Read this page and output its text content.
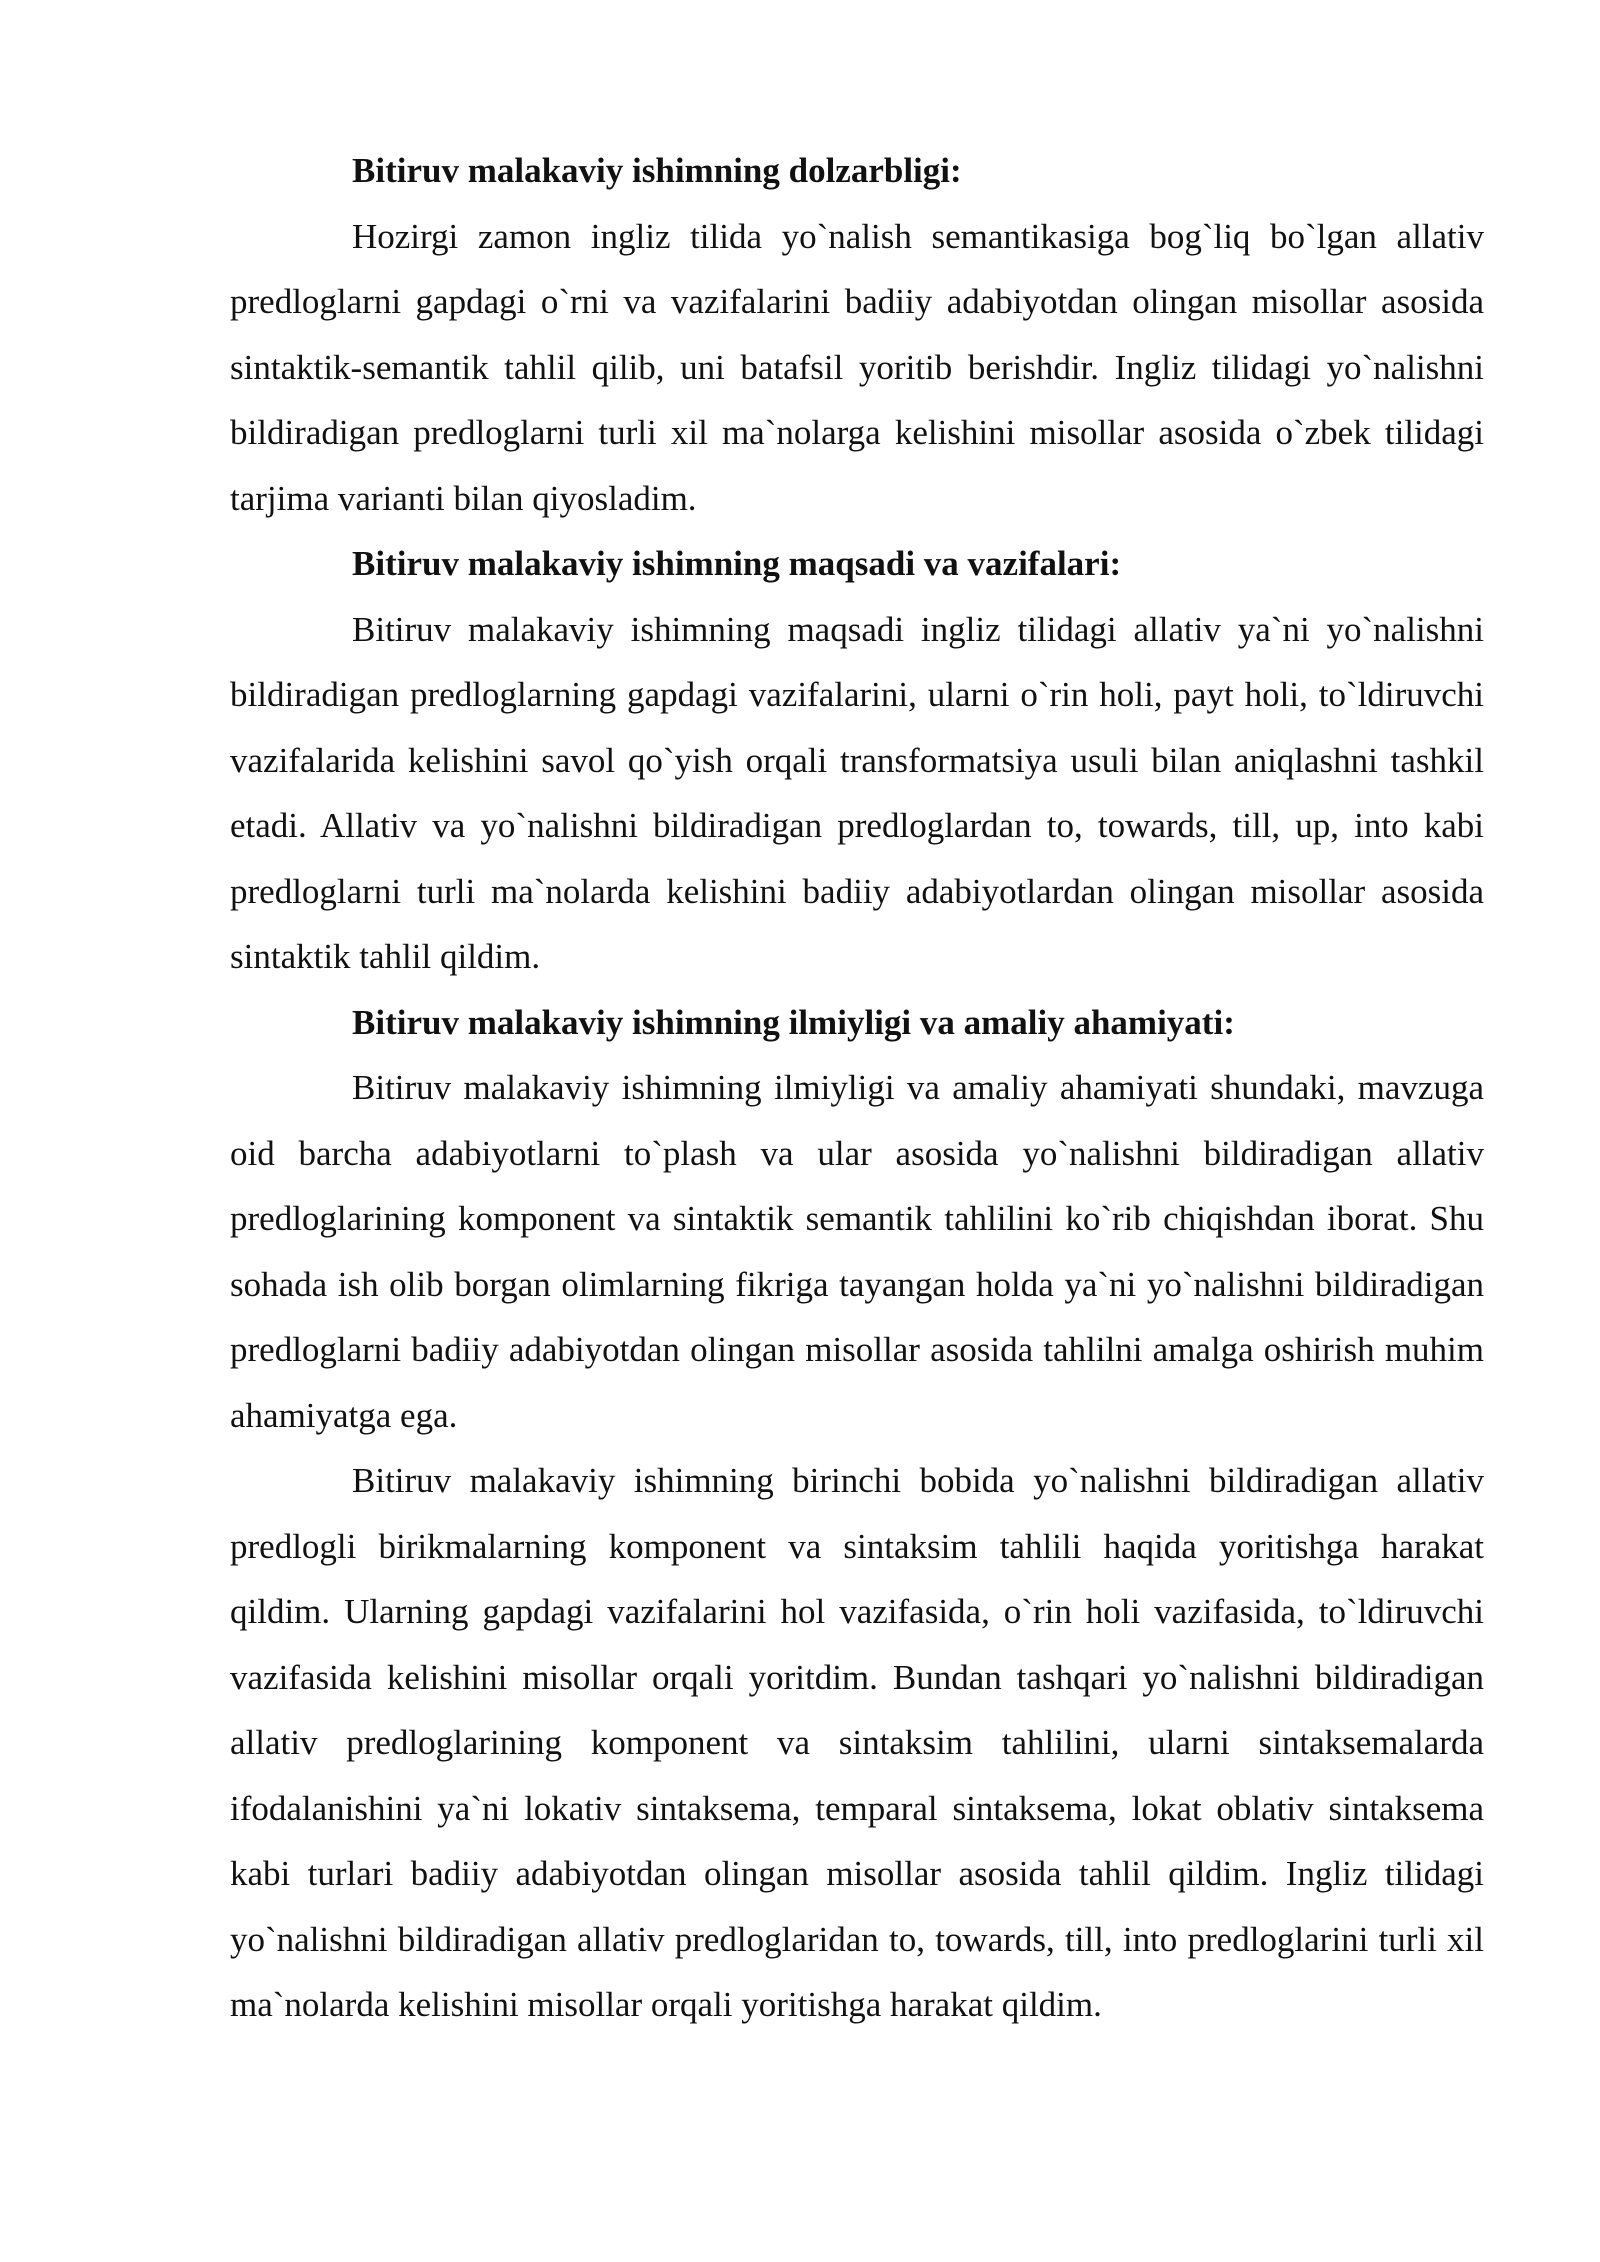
Bitiruv malakaviy ishimning dolzarbligi:

Hozirgi zamon ingliz tilida yo`nalish semantikasiga bog`liq bo`lgan allativ predloglarni gapdagi o`rni va vazifalarini badiiy adabiyotdan olingan misollar asosida sintaktik-semantik tahlil qilib, uni batafsil yoritib berishdir. Ingliz tilidagi yo`nalishni bildiradigan predloglarni turli xil ma`nolarga kelishini misollar asosida o`zbek tilidagi tarjima varianti bilan qiyosladim.

Bitiruv malakaviy ishimning maqsadi va vazifalari:

Bitiruv malakaviy ishimning maqsadi ingliz tilidagi allativ ya`ni yo`nalishni bildiradigan predloglarning gapdagi vazifalarini, ularni o`rin holi, payt holi, to`ldiruvchi vazifalarida kelishini savol qo`yish orqali transformatsiya usuli bilan aniqlashni tashkil etadi. Allativ va yo`nalishni bildiradigan predloglardan to, towards, till, up, into kabi predloglarni turli ma`nolarda kelishini badiiy adabiyotlardan olingan misollar asosida sintaktik tahlil qildim.

Bitiruv malakaviy ishimning ilmiyligi va amaliy ahamiyati:

Bitiruv malakaviy ishimning ilmiyligi va amaliy ahamiyati shundaki, mavzuga oid barcha adabiyotlarni to`plash va ular asosida yo`nalishni bildiradigan allativ predloglarining komponent va sintaktik semantik tahlilini ko`rib chiqishdan iborat. Shu sohada ish olib borgan olimlarning fikriga tayangan holda ya`ni yo`nalishni bildiradigan predloglarni badiiy adabiyotdan olingan misollar asosida tahlilni amalga oshirish muhim ahamiyatga ega.

Bitiruv malakaviy ishimning birinchi bobida yo`nalishni bildiradigan allativ predlogli birikmalarning komponent va sintaksim tahlili haqida yoritishga harakat qildim. Ularning gapdagi vazifalarini hol vazifasida, o`rin holi vazifasida, to`ldiruvchi vazifasida kelishini misollar orqali yoritdim. Bundan tashqari yo`nalishni bildiradigan allativ predloglarining komponent va sintaksim tahlilini, ularni sintaksemalarda ifodalanishini ya`ni lokativ sintaksema, temparal sintaksema, lokat oblativ sintaksema kabi turlari badiiy adabiyotdan olingan misollar asosida tahlil qildim. Ingliz tilidagi yo`nalishni bildiradigan allativ predloglaridan to, towards, till, into predloglarini turli xil ma`nolarda kelishini misollar orqali yoritishga harakat qildim.
